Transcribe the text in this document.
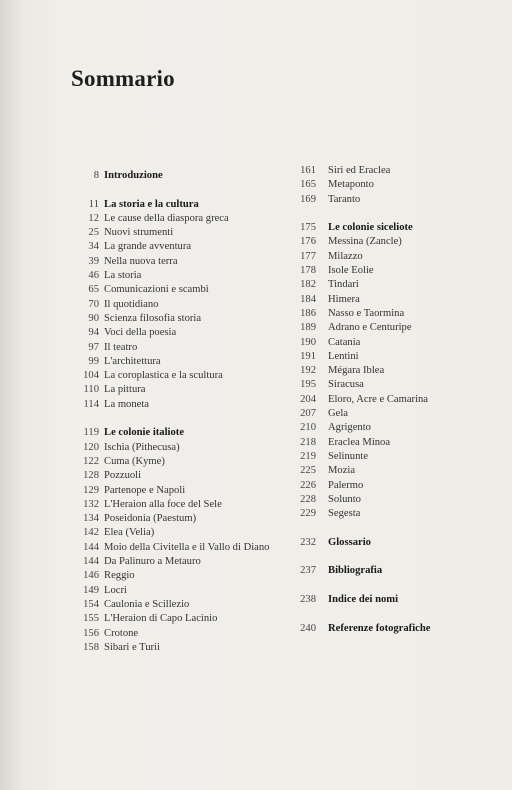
Sommario
8 Introduzione
11 La storia e la cultura
12 Le cause della diaspora greca
25 Nuovi strumenti
34 La grande avventura
39 Nella nuova terra
46 La storia
65 Comunicazioni e scambi
70 Il quotidiano
90 Scienza filosofia storia
94 Voci della poesia
97 Il teatro
99 L'architettura
104 La coroplastica e la scultura
110 La pittura
114 La moneta
119 Le colonie italiote
120 Ischia (Pithecusa)
122 Cuma (Kyme)
128 Pozzuoli
129 Partenope e Napoli
132 L'Heraion alla foce del Sele
134 Poseidonia (Paestum)
142 Elea (Velia)
144 Moio della Civitella e il Vallo di Diano
144 Da Palinuro a Metauro
146 Reggio
149 Locri
154 Caulonia e Scillezio
155 L'Heraion di Capo Lacinio
156 Crotone
158 Sibari e Turii
161 Siri ed Eraclea
165 Metaponto
169 Taranto
175 Le colonie siceliote
176 Messina (Zancle)
177 Milazzo
178 Isole Eolie
182 Tindari
184 Himera
186 Nasso e Taormina
189 Adrano e Centuripe
190 Catania
191 Lentini
192 Mégara Iblea
195 Siracusa
204 Eloro, Acre e Camarina
207 Gela
210 Agrigento
218 Eraclea Minoa
219 Selinunte
225 Mozia
226 Palermo
228 Solunto
229 Segesta
232 Glossario
237 Bibliografia
238 Indice dei nomi
240 Referenze fotografiche
